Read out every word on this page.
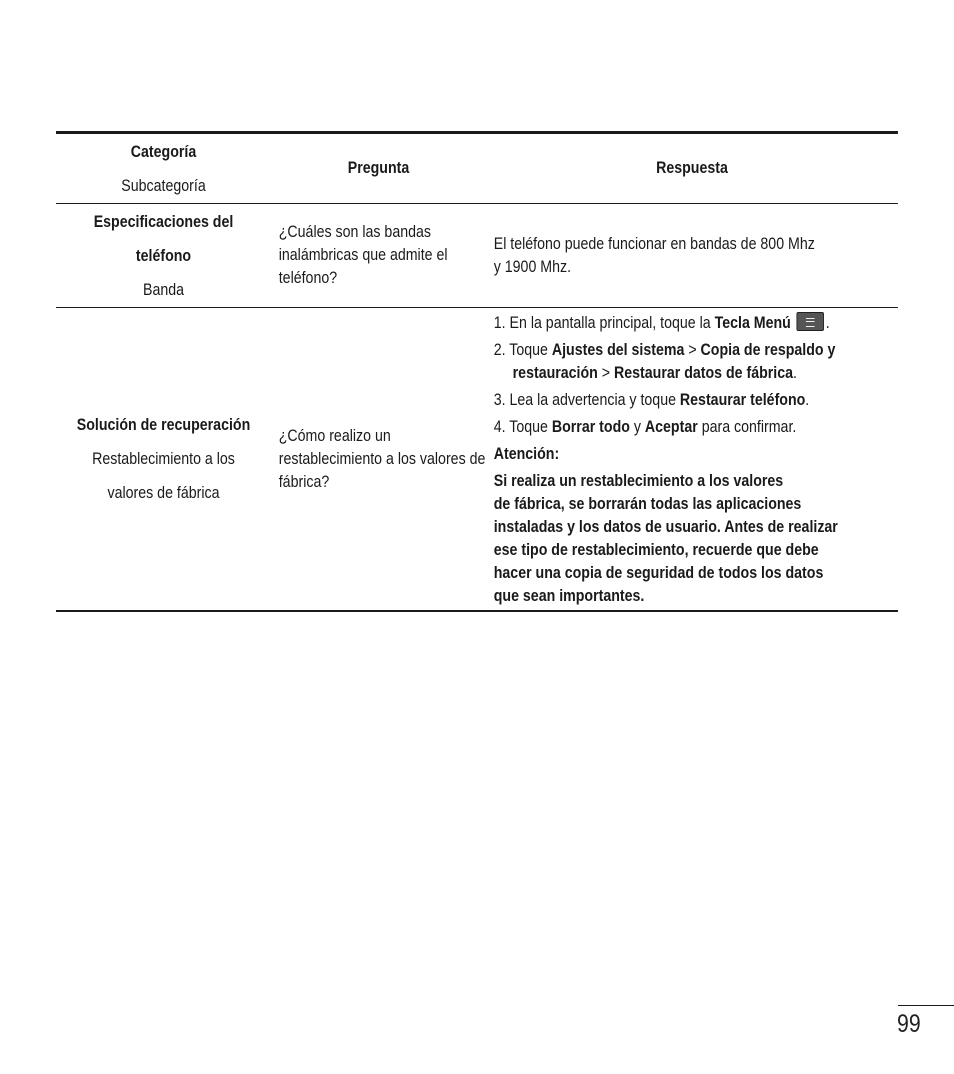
Categoría
Subcategoría
Pregunta	Respuesta
Especificaciones del
teléfono
Banda
¿Cuáles son las bandas inalámbricas que admite el teléfono?
El teléfono puede funcionar en bandas de 800 Mhz
y 1900 Mhz.
Solución de recuperación
Restablecimiento a los
valores de fábrica
¿Cómo realizo un restablecimiento a los valores de fábrica?
1. En la pantalla principal, toque la Tecla Menú .
2. Toque Ajustes del sistema > Copia de respaldo y
restauración > Restaurar datos de fábrica.
3. Lea la advertencia y toque Restaurar teléfono.
4. Toque Borrar todo y Aceptar para confirmar.
Atención:
Si realiza un restablecimiento a los valores
de fábrica, se borrarán todas las aplicaciones
instaladas y los datos de usuario. Antes de realizar
ese tipo de restablecimiento, recuerde que debe
hacer una copia de seguridad de todos los datos
que sean importantes.
99
